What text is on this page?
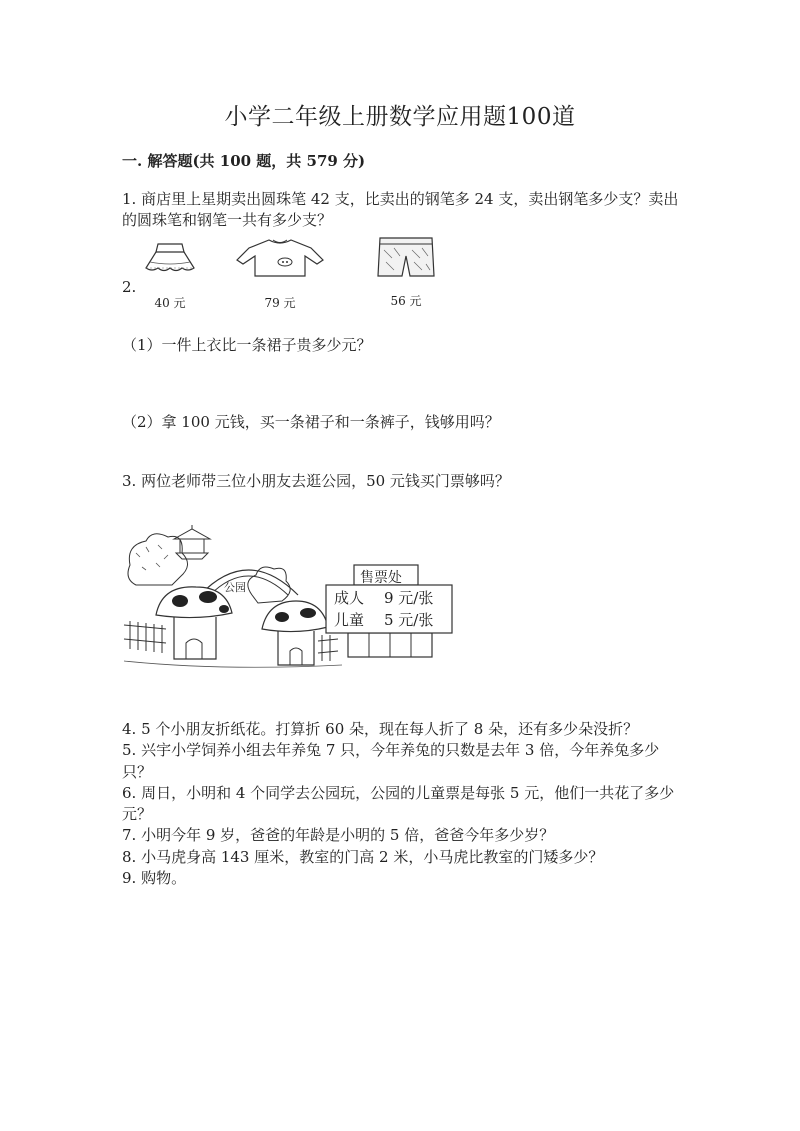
小学二年级上册数学应用题100道

一. 解答题(共 100 题，共 579 分)

1. 商店里上星期卖出圆珠笔 42 支，比卖出的钢笔多 24 支，卖出钢笔多少支？卖出的圆珠笔和钢笔一共有多少支？

2.
40 元	79 元	56 元

（1）一件上衣比一条裙子贵多少元？

（2）拿 100 元钱，买一条裙子和一条裤子，钱够用吗？

3. 两位老师带三位小朋友去逛公园，50 元钱买门票够吗？

公园
售票处
成人 9 元/张
儿童 5 元/张

4. 5 个小朋友折纸花。打算折 60 朵，现在每人折了 8 朵，还有多少朵没折？

5. 兴宇小学饲养小组去年养兔 7 只，今年养兔的只数是去年 3 倍，今年养兔多少只？

6. 周日，小明和 4 个同学去公园玩，公园的儿童票是每张 5 元，他们一共花了多少元？

7. 小明今年 9 岁，爸爸的年龄是小明的 5 倍，爸爸今年多少岁？

8. 小马虎身高 143 厘米，教室的门高 2 米，小马虎比教室的门矮多少？

9. 购物。
